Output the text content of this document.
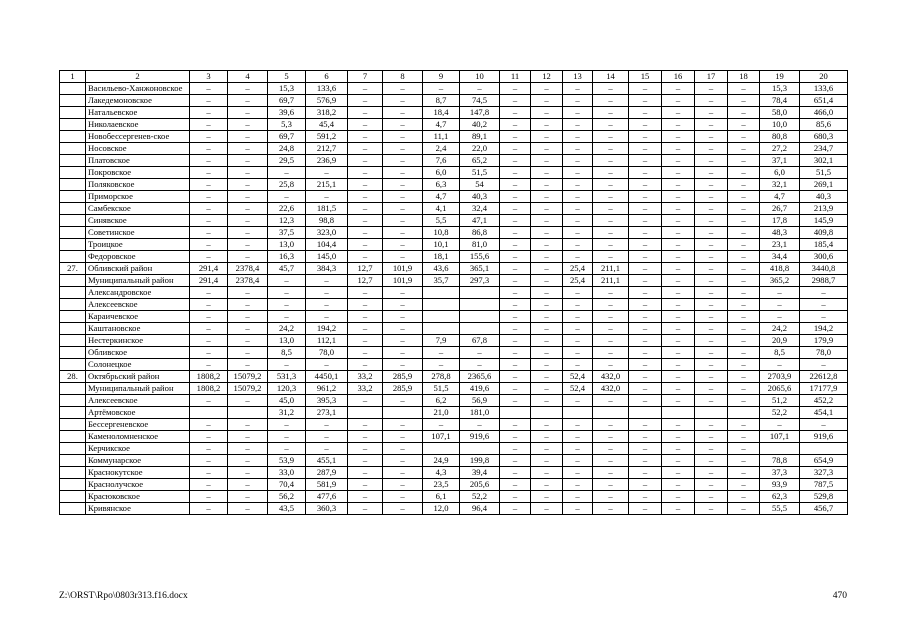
1	2	3	4	5	6	7	8	9	10	11	12	13	14	15	16	17	18	19	20
	Васильево-Ханжоновское	–	–	15,3	133,6	–	–	–	–	–	–	–	–	–	–	–	–	15,3	133,6
	Лакедемоновское	–	–	69,7	576,9	–	–	8,7	74,5	–	–	–	–	–	–	–	–	78,4	651,4
	Натальевское	–	–	39,6	318,2	–	–	18,4	147,8	–	–	–	–	–	–	–	–	58,0	466,0
	Николаевское	–	–	5,3	45,4	–	–	4,7	40,2	–	–	–	–	–	–	–	–	10,0	85,6
	Новобессергенев-ское	–	–	69,7	591,2	–	–	11,1	89,1	–	–	–	–	–	–	–	–	80,8	680,3
	Носовское	–	–	24,8	212,7	–	–	2,4	22,0	–	–	–	–	–	–	–	–	27,2	234,7
	Платовское	–	–	29,5	236,9	–	–	7,6	65,2	–	–	–	–	–	–	–	–	37,1	302,1
	Покровское	–	–	–	–	–	–	6,0	51,5	–	–	–	–	–	–	–	–	6,0	51,5
	Поляковское	–	–	25,8	215,1	–	–	6,3	54	–	–	–	–	–	–	–	–	32,1	269,1
	Приморское	–	–	–	–	–	–	4,7	40,3	–	–	–	–	–	–	–	–	4,7	40,3
	Самбекское	–	–	22,6	181,5	–	–	4,1	32,4	–	–	–	–	–	–	–	–	26,7	213,9
	Синявское	–	–	12,3	98,8	–	–	5,5	47,1	–	–	–	–	–	–	–	–	17,8	145,9
	Советинское	–	–	37,5	323,0	–	–	10,8	86,8	–	–	–	–	–	–	–	–	48,3	409,8
	Троицкое	–	–	13,0	104,4	–	–	10,1	81,0	–	–	–	–	–	–	–	–	23,1	185,4
	Федоровское	–	–	16,3	145,0	–	–	18,1	155,6	–	–	–	–	–	–	–	–	34,4	300,6
27.	Обливский район	291,4	2378,4	45,7	384,3	12,7	101,9	43,6	365,1	–	–	25,4	211,1	–	–	–	–	418,8	3440,8
	Муниципальный район	291,4	2378,4	–	–	12,7	101,9	35,7	297,3	–	–	25,4	211,1	–	–	–	–	365,2	2988,7
	Александровское	–	–	–	–	–	–			–	–	–	–	–	–	–	–	–	–
	Алексеевское	–	–	–	–	–	–			–	–	–	–	–	–	–	–	–	–
	Караичевское	–	–	–	–	–	–			–	–	–	–	–	–	–	–	–	–
	Каштановское	–	–	24,2	194,2	–	–			–	–	–	–	–	–	–	–	24,2	194,2
	Нестеркинское	–	–	13,0	112,1	–	–	7,9	67,8	–	–	–	–	–	–	–	–	20,9	179,9
	Обливское	–	–	8,5	78,0	–	–	–	–	–	–	–	–	–	–	–	–	8,5	78,0
	Солонецкое	–	–	–	–	–	–	–	–	–	–	–	–	–	–	–	–	–	–
28.	Октябрьский район	1808,2	15079,2	531,3	4450,1	33,2	285,9	278,8	2365,6	–	–	52,4	432,0	–	–	–	–	2703,9	22612,8
	Муниципальный район	1808,2	15079,2	120,3	961,2	33,2	285,9	51,5	419,6	–	–	52,4	432,0	–	–	–	–	2065,6	17177,9
	Алексеевское	–	–	45,0	395,3	–	–	6,2	56,9	–	–	–	–	–	–	–	–	51,2	452,2
	Артёмовское			31,2	273,1			21,0	181,0									52,2	454,1
	Бессергеневское	–	–	–	–	–	–	–	–	–	–	–	–	–	–	–	–	–	–
	Каменоломненское	–	–	–	–	–	–	107,1	919,6	–	–	–	–	–	–	–	–	107,1	919,6
	Керчикское	–	–	–	–	–	–			–	–	–	–	–	–	–	–		
	Коммунарское	–	–	53,9	455,1	–	–	24,9	199,8	–	–	–	–	–	–	–	–	78,8	654,9
	Краснокутское	–	–	33,0	287,9	–	–	4,3	39,4	–	–	–	–	–	–	–	–	37,3	327,3
	Краснолучское	–	–	70,4	581,9	–	–	23,5	205,6	–	–	–	–	–	–	–	–	93,9	787,5
	Красюковское	–	–	56,2	477,6	–	–	6,1	52,2	–	–	–	–	–	–	–	–	62,3	529,8
	Кривянское	–	–	43,5	360,3	–	–	12,0	96,4	–	–	–	–	–	–	–	–	55,5	456,7
Z:\ORST\Rpo\0803r313.f16.docx	470
